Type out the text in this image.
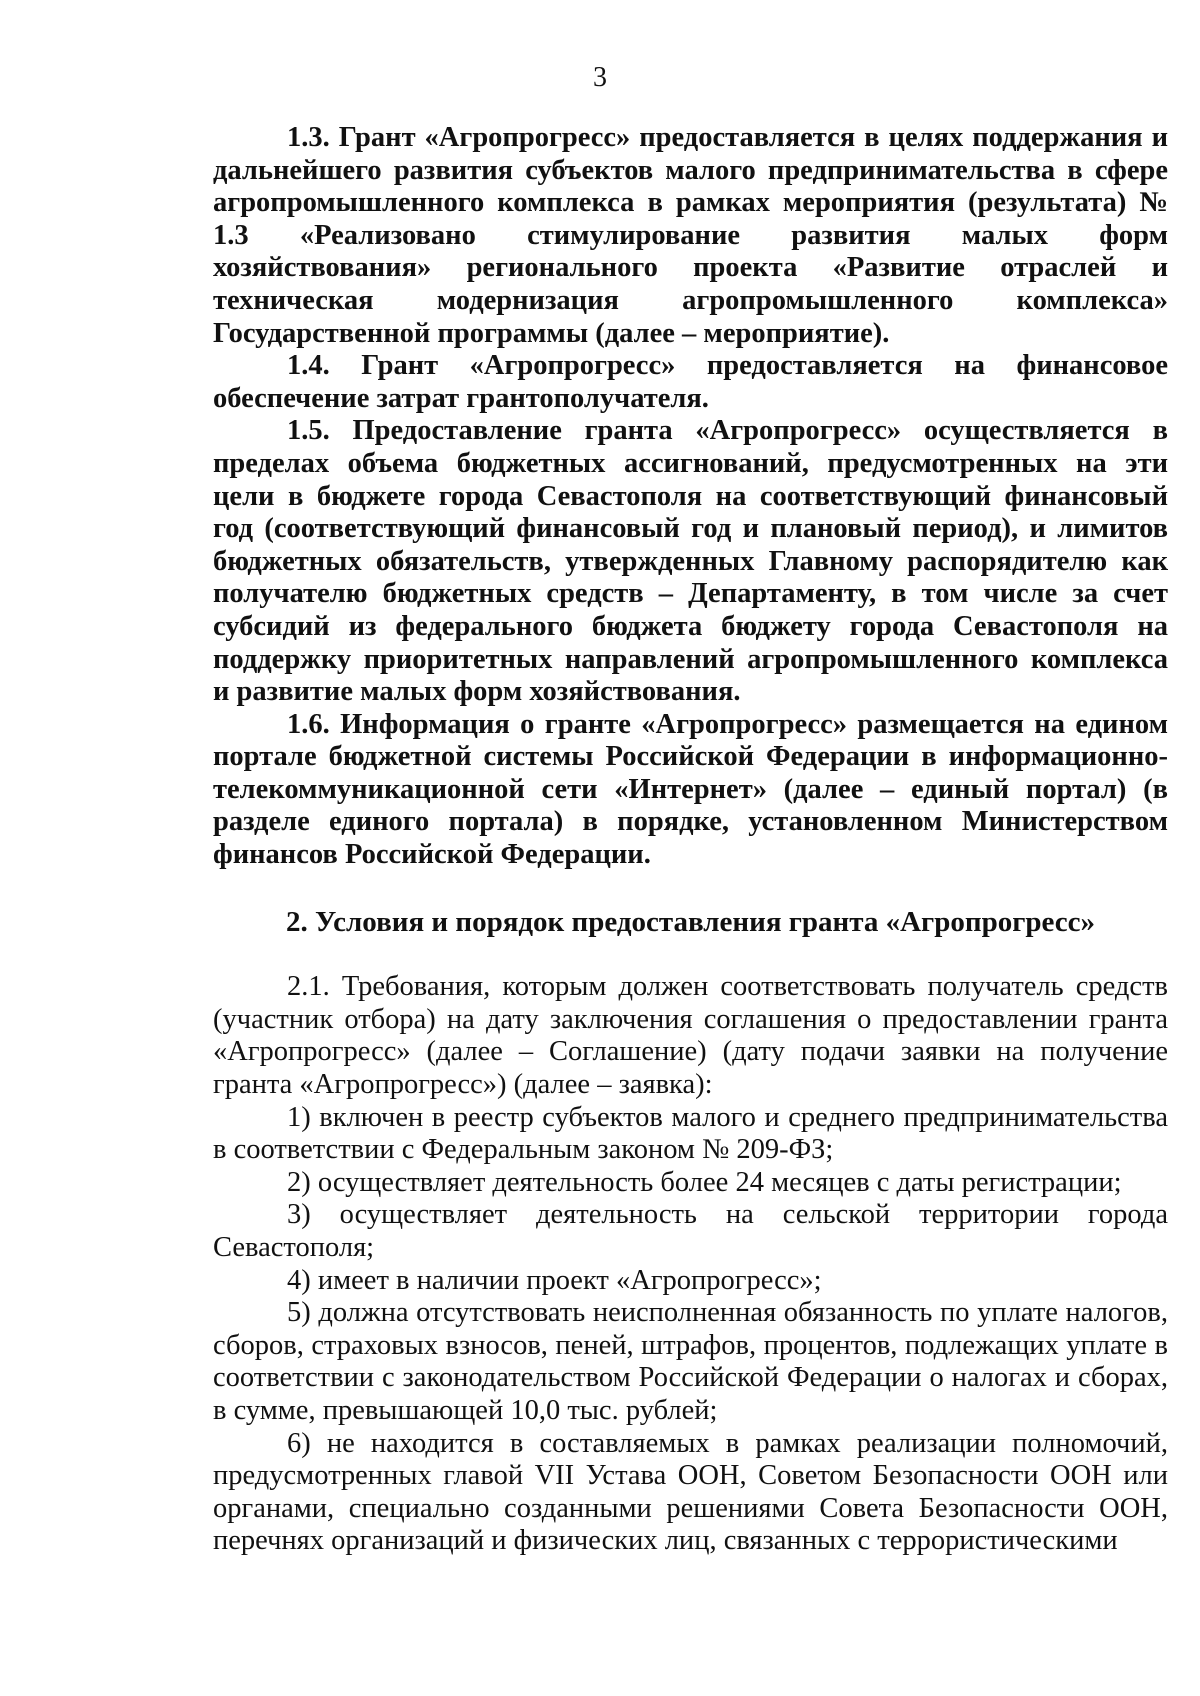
3

1.3. Грант «Агропрогресс» предоставляется в целях поддержания и дальнейшего развития субъектов малого предпринимательства в сфере агропромышленного комплекса в рамках мероприятия (результата) № 1.3 «Реализовано стимулирование развития малых форм хозяйствования» регионального проекта «Развитие отраслей и техническая модернизация агропромышленного комплекса» Государственной программы (далее – мероприятие).

1.4. Грант «Агропрогресс» предоставляется на финансовое обеспечение затрат грантополучателя.

1.5. Предоставление гранта «Агропрогресс» осуществляется в пределах объема бюджетных ассигнований, предусмотренных на эти цели в бюджете города Севастополя на соответствующий финансовый год (соответствующий финансовый год и плановый период), и лимитов бюджетных обязательств, утвержденных Главному распорядителю как получателю бюджетных средств – Департаменту, в том числе за счет субсидий из федерального бюджета бюджету города Севастополя на поддержку приоритетных направлений агропромышленного комплекса и развитие малых форм хозяйствования.

1.6. Информация о гранте «Агропрогресс» размещается на едином портале бюджетной системы Российской Федерации в информационно-телекоммуникационной сети «Интернет» (далее – единый портал) (в разделе единого портала) в порядке, установленном Министерством финансов Российской Федерации.

2. Условия и порядок предоставления гранта «Агропрогресс»

2.1. Требования, которым должен соответствовать получатель средств (участник отбора) на дату заключения соглашения о предоставлении гранта «Агропрогресс» (далее – Соглашение) (дату подачи заявки на получение гранта «Агропрогресс») (далее – заявка):

1) включен в реестр субъектов малого и среднего предпринимательства в соответствии с Федеральным законом № 209-ФЗ;

2) осуществляет деятельность более 24 месяцев с даты регистрации;

3) осуществляет деятельность на сельской территории города Севастополя;

4) имеет в наличии проект «Агропрогресс»;

5) должна отсутствовать неисполненная обязанность по уплате налогов, сборов, страховых взносов, пеней, штрафов, процентов, подлежащих уплате в соответствии с законодательством Российской Федерации о налогах и сборах, в сумме, превышающей 10,0 тыс. рублей;

6) не находится в составляемых в рамках реализации полномочий, предусмотренных главой VII Устава ООН, Советом Безопасности ООН или органами, специально созданными решениями Совета Безопасности ООН, перечнях организаций и физических лиц, связанных с террористическими
